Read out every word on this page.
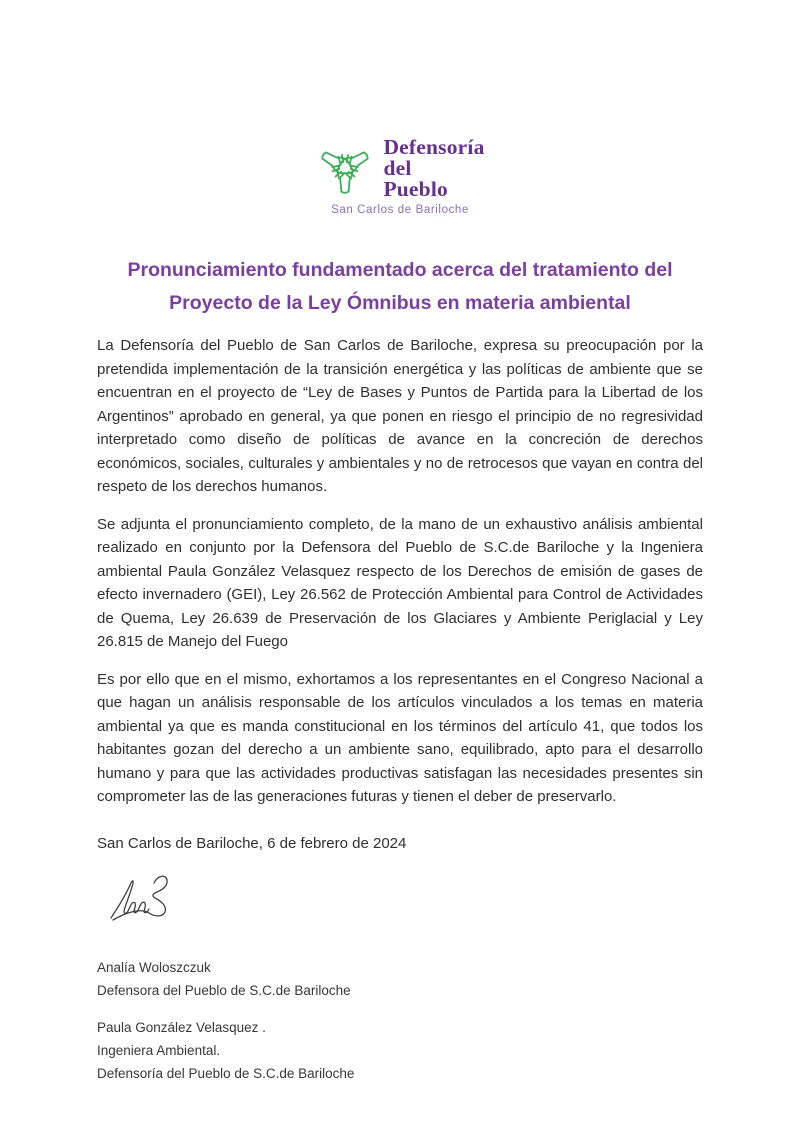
Defensoría
del
Pueblo
San Carlos de Bariloche
Pronunciamiento fundamentado acerca del tratamiento del
Proyecto de la Ley Ómnibus en materia ambiental

La Defensoría del Pueblo de San Carlos de Bariloche, expresa su preocupación por la pretendida implementación de la transición energética y las políticas de ambiente que se encuentran en el proyecto de “Ley de Bases y Puntos de Partida para la Libertad de los Argentinos” aprobado en general, ya que ponen en riesgo el principio de no regresividad interpretado como diseño de políticas de avance en la concreción de derechos económicos, sociales, culturales y ambientales y no de retrocesos que vayan en contra del respeto de los derechos humanos.

Se adjunta el pronunciamiento completo, de la mano de un exhaustivo análisis ambiental realizado en conjunto por la Defensora del Pueblo de S.C.de Bariloche y la Ingeniera ambiental Paula González Velasquez respecto de los Derechos de emisión de gases de efecto invernadero (GEI), Ley 26.562 de Protección Ambiental para Control de Actividades de Quema, Ley 26.639 de Preservación de los Glaciares y Ambiente Periglacial y Ley 26.815 de Manejo del Fuego

Es por ello que en el mismo, exhortamos a los representantes en el Congreso Nacional a que hagan un análisis responsable de los artículos vinculados a los temas en materia ambiental ya que es manda constitucional en los términos del artículo 41, que todos los habitantes gozan del derecho a un ambiente sano, equilibrado, apto para el desarrollo humano y para que las actividades productivas satisfagan las necesidades presentes sin comprometer las de las generaciones futuras y tienen el deber de preservarlo.

San Carlos de Bariloche, 6 de febrero de 2024

Analía Woloszczuk
Defensora del Pueblo de S.C.de Bariloche
Paula González Velasquez .
Ingeniera Ambiental.
Defensoría del Pueblo de S.C.de Bariloche
